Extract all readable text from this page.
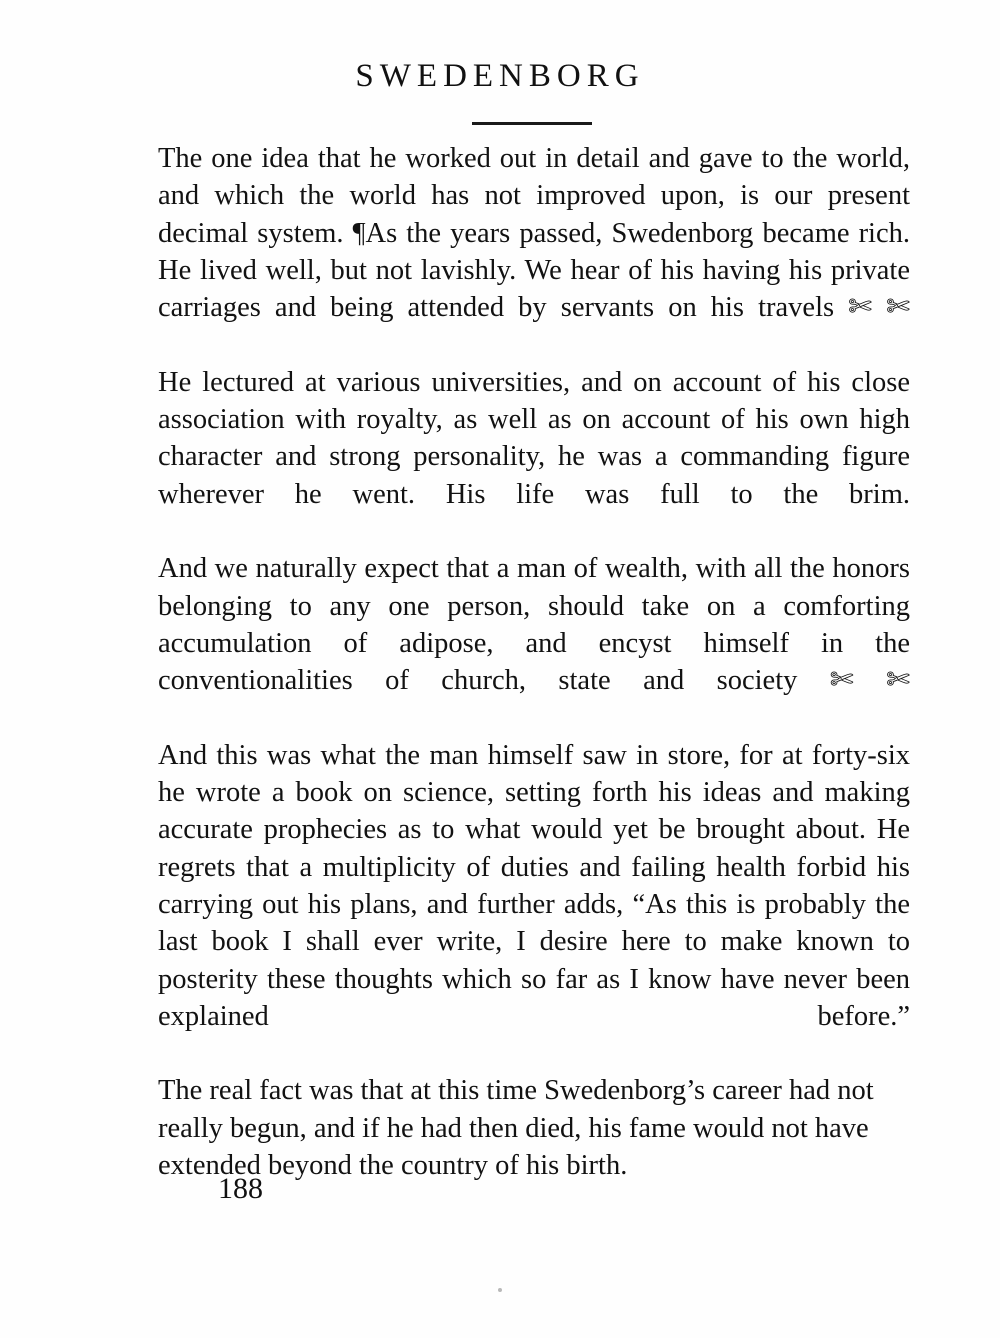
SWEDENBORG

The one idea that he worked out in detail and gave to the world, and which the world has not improved upon, is our present decimal system. ¶As the years passed, Swedenborg became rich. He lived well, but not lavishly. We hear of his having his private carriages and being attended by servants on his travels ✄ ✄

He lectured at various universities, and on account of his close association with royalty, as well as on account of his own high character and strong personality, he was a commanding figure wherever he went. His life was full to the brim.

And we naturally expect that a man of wealth, with all the honors belonging to any one person, should take on a comforting accumulation of adipose, and encyst himself in the conventionalities of church, state and society ✄ ✄

And this was what the man himself saw in store, for at forty-six he wrote a book on science, setting forth his ideas and making accurate prophecies as to what would yet be brought about. He regrets that a multiplicity of duties and failing health forbid his carrying out his plans, and further adds, “As this is probably the last book I shall ever write, I desire here to make known to posterity these thoughts which so far as I know have never been explained before.”

The real fact was that at this time Swedenborg’s career had not really begun, and if he had then died, his fame would not have extended beyond the country of his birth.

188
